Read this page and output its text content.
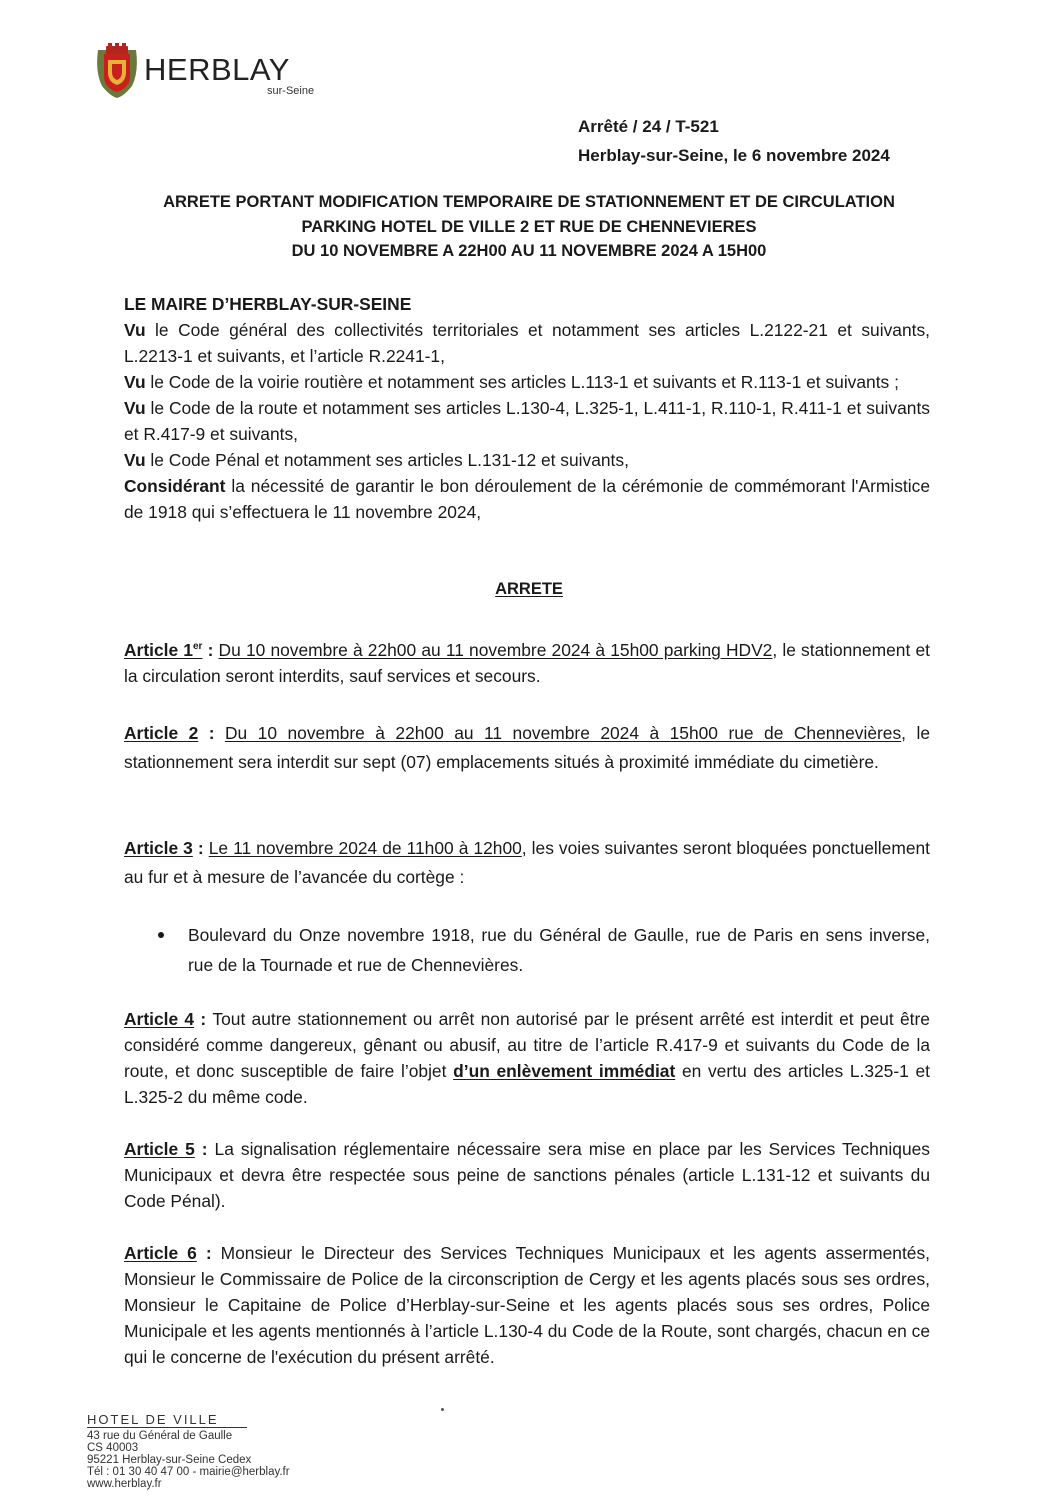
HERBLAY
sur-Seine
Arrêté / 24 / T-521
Herblay-sur-Seine, le 6 novembre 2024
ARRETE PORTANT MODIFICATION TEMPORAIRE DE STATIONNEMENT ET DE CIRCULATION
PARKING HOTEL DE VILLE 2 ET RUE DE CHENNEVIERES
DU 10 NOVEMBRE A 22H00 AU 11 NOVEMBRE 2024 A 15H00

LE MAIRE D’HERBLAY-SUR-SEINE

Vu le Code général des collectivités territoriales et notamment ses articles L.2122-21 et suivants, L.2213-1 et suivants, et l’article R.2241-1,

Vu le Code de la voirie routière et notamment ses articles L.113-1 et suivants et R.113-1 et suivants ;

Vu le Code de la route et notamment ses articles L.130-4, L.325-1, L.411-1, R.110-1, R.411-1 et suivants et R.417-9 et suivants,

Vu le Code Pénal et notamment ses articles L.131-12 et suivants,

Considérant la nécessité de garantir le bon déroulement de la cérémonie de commémorant l'Armistice de 1918 qui s’effectuera le 11 novembre 2024,

ARRETE

Article 1er : Du 10 novembre à 22h00 au 11 novembre 2024 à 15h00 parking HDV2, le stationnement et la circulation seront interdits, sauf services et secours.

Article 2 : Du 10 novembre à 22h00 au 11 novembre 2024 à 15h00 rue de Chennevières, le stationnement sera interdit sur sept (07) emplacements situés à proximité immédiate du cimetière.

Article 3 : Le 11 novembre 2024 de 11h00 à 12h00, les voies suivantes seront bloquées ponctuellement au fur et à mesure de l’avancée du cortège :

Boulevard du Onze novembre 1918, rue du Général de Gaulle, rue de Paris en sens inverse, rue de la Tournade et rue de Chennevières.

Article 4 : Tout autre stationnement ou arrêt non autorisé par le présent arrêté est interdit et peut être considéré comme dangereux, gênant ou abusif, au titre de l’article R.417-9 et suivants du Code de la route, et donc susceptible de faire l’objet d’un enlèvement immédiat en vertu des articles L.325-1 et L.325-2 du même code.

Article 5 : La signalisation réglementaire nécessaire sera mise en place par les Services Techniques Municipaux et devra être respectée sous peine de sanctions pénales (article L.131-12 et suivants du Code Pénal).

Article 6 : Monsieur le Directeur des Services Techniques Municipaux et les agents assermentés, Monsieur le Commissaire de Police de la circonscription de Cergy et les agents placés sous ses ordres, Monsieur le Capitaine de Police d’Herblay-sur-Seine et les agents placés sous ses ordres, Police Municipale et les agents mentionnés à l’article L.130-4 du Code de la Route, sont chargés, chacun en ce qui le concerne de l'exécution du présent arrêté.

HOTEL DE VILLE
43 rue du Général de Gaulle
CS 40003
95221 Herblay-sur-Seine Cedex
Tél : 01 30 40 47 00 - mairie@herblay.fr
www.herblay.fr
